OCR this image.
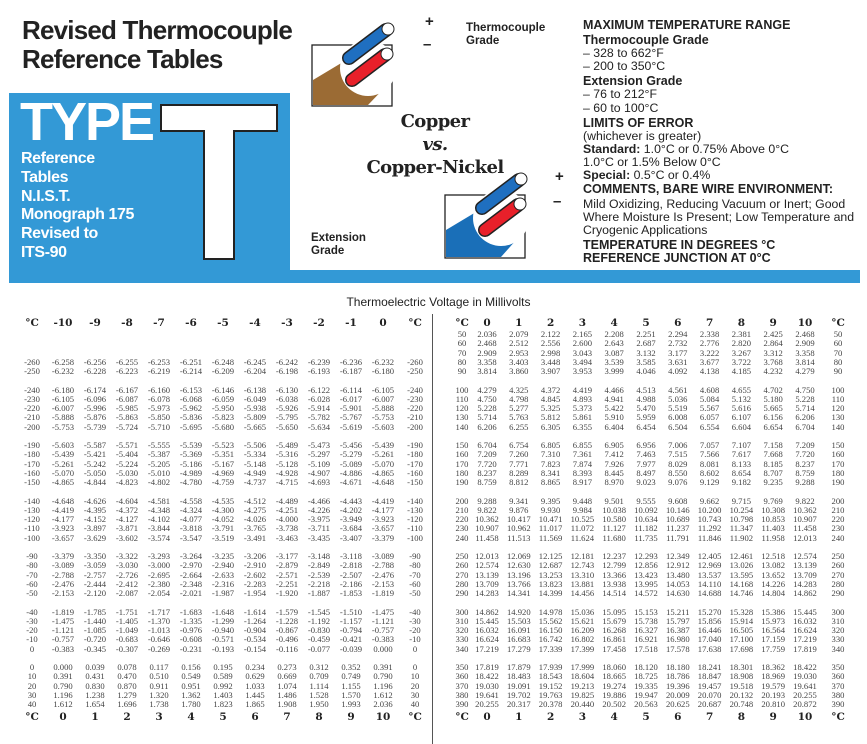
Revised Thermocouple
Reference Tables
TYPE
Reference
Tables
N.I.S.T.
Monograph 175
Revised to
ITS-90
+
–
Thermocouple
Grade
Copper
vs.
Copper-Nickel	+
–
Extension
Grade
MAXIMUM TEMPERATURE RANGE
Thermocouple Grade
– 328 to 662°F
– 200 to 350°C
Extension Grade
– 76 to 212°F
– 60 to 100°C
LIMITS OF ERROR
(whichever is greater)
Standard: 1.0°C or 0.75% Above 0°C
1.0°C or 1.5% Below 0°C
Special: 0.5°C or 0.4%
COMMENTS, BARE WIRE ENVIRONMENT:
Mild Oxidizing, Reducing Vacuum or Inert; Good Where Moisture Is Present; Low Temperature and Cryogenic Applications
TEMPERATURE IN DEGREES °C
REFERENCE JUNCTION AT 0°C
Thermoelectric Voltage in Millivolts
°C -10 -9 -8 -7 -6 -5 -4 -3 -2 -1 0 °C	°C 0 1 2 3 4 5 6 7 8 9 10 °C
°C 0 1 2 3 4 5 6 7 8 9 10 °C	°C 0 1 2 3 4 5 6 7 8 9 10 °C
-260 -6.258 -6.256 -6.255 -6.253 -6.251 -6.248 -6.245 -6.242 -6.239 -6.236 -6.232 -260
-250 -6.232 -6.228 -6.223 -6.219 -6.214 -6.209 -6.204 -6.198 -6.193 -6.187 -6.180 -250
-240 -6.180 -6.174 -6.167 -6.160 -6.153 -6.146 -6.138 -6.130 -6.122 -6.114 -6.105 -240
-230 -6.105 -6.096 -6.087 -6.078 -6.068 -6.059 -6.049 -6.038 -6.028 -6.017 -6.007 -230
-220 -6.007 -5.996 -5.985 -5.973 -5.962 -5.950 -5.938 -5.926 -5.914 -5.901 -5.888 -220
-210 -5.888 -5.876 -5.863 -5.850 -5.836 -5.823 -5.809 -5.795 -5.782 -5.767 -5.753 -210
-200 -5.753 -5.739 -5.724 -5.710 -5.695 -5.680 -5.665 -5.650 -5.634 -5.619 -5.603 -200
-190 -5.603 -5.587 -5.571 -5.555 -5.539 -5.523 -5.506 -5.489 -5.473 -5.456 -5.439 -190
-180 -5.439 -5.421 -5.404 -5.387 -5.369 -5.351 -5.334 -5.316 -5.297 -5.279 -5.261 -180
-170 -5.261 -5.242 -5.224 -5.205 -5.186 -5.167 -5.148 -5.128 -5.109 -5.089 -5.070 -170
-160 -5.070 -5.050 -5.030 -5.010 -4.989 -4.969 -4.949 -4.928 -4.907 -4.886 -4.865 -160
-150 -4.865 -4.844 -4.823 -4.802 -4.780 -4.759 -4.737 -4.715 -4.693 -4.671 -4.648 -150
-140 -4.648 -4.626 -4.604 -4.581 -4.558 -4.535 -4.512 -4.489 -4.466 -4.443 -4.419 -140
-130 -4.419 -4.395 -4.372 -4.348 -4.324 -4.300 -4.275 -4.251 -4.226 -4.202 -4.177 -130
-120 -4.177 -4.152 -4.127 -4.102 -4.077 -4.052 -4.026 -4.000 -3.975 -3.949 -3.923 -120
-110 -3.923 -3.897 -3.871 -3.844 -3.818 -3.791 -3.765 -3.738 -3.711 -3.684 -3.657 -110
-100 -3.657 -3.629 -3.602 -3.574 -3.547 -3.519 -3.491 -3.463 -3.435 -3.407 -3.379 -100
-90 -3.379 -3.350 -3.322 -3.293 -3.264 -3.235 -3.206 -3.177 -3.148 -3.118 -3.089 -90
-80 -3.089 -3.059 -3.030 -3.000 -2.970 -2.940 -2.910 -2.879 -2.849 -2.818 -2.788 -80
-70 -2.788 -2.757 -2.726 -2.695 -2.664 -2.633 -2.602 -2.571 -2.539 -2.507 -2.476 -70
-60 -2.476 -2.444 -2.412 -2.380 -2.348 -2.316 -2.283 -2.251 -2.218 -2.186 -2.153 -60
-50 -2.153 -2.120 -2.087 -2.054 -2.021 -1.987 -1.954 -1.920 -1.887 -1.853 -1.819 -50
-40 -1.819 -1.785 -1.751 -1.717 -1.683 -1.648 -1.614 -1.579 -1.545 -1.510 -1.475 -40
-30 -1.475 -1.440 -1.405 -1.370 -1.335 -1.299 -1.264 -1.228 -1.192 -1.157 -1.121 -30
-20 -1.121 -1.085 -1.049 -1.013 -0.976 -0.940 -0.904 -0.867 -0.830 -0.794 -0.757 -20
-10 -0.757 -0.720 -0.683 -0.646 -0.608 -0.571 -0.534 -0.496 -0.459 -0.421 -0.383 -10
0 -0.383 -0.345 -0.307 -0.269 -0.231 -0.193 -0.154 -0.116 -0.077 -0.039 0.000 0
0 0.000 0.039 0.078 0.117 0.156 0.195 0.234 0.273 0.312 0.352 0.391 0
10 0.391 0.431 0.470 0.510 0.549 0.589 0.629 0.669 0.709 0.749 0.790 10
20 0.790 0.830 0.870 0.911 0.951 0.992 1.033 1.074 1.114 1.155 1.196 20
30 1.196 1.238 1.279 1.320 1.362 1.403 1.445 1.486 1.528 1.570 1.612 30
40 1.612 1.654 1.696 1.738 1.780 1.823 1.865 1.908 1.950 1.993 2.036 40
50 2.036 2.079 2.122 2.165 2.208 2.251 2.294 2.338 2.381 2.425 2.468 50
60 2.468 2.512 2.556 2.600 2.643 2.687 2.732 2.776 2.820 2.864 2.909 60
70 2.909 2.953 2.998 3.043 3.087 3.132 3.177 3.222 3.267 3.312 3.358 70
80 3.358 3.403 3.448 3.494 3.539 3.585 3.631 3.677 3.722 3.768 3.814 80
90 3.814 3.860 3.907 3.953 3.999 4.046 4.092 4.138 4.185 4.232 4.279 90
100 4.279 4.325 4.372 4.419 4.466 4.513 4.561 4.608 4.655 4.702 4.750 100
110 4.750 4.798 4.845 4.893 4.941 4.988 5.036 5.084 5.132 5.180 5.228 110
120 5.228 5.277 5.325 5.373 5.422 5.470 5.519 5.567 5.616 5.665 5.714 120
130 5.714 5.763 5.812 5.861 5.910 5.959 6.008 6.057 6.107 6.156 6.206 130
140 6.206 6.255 6.305 6.355 6.404 6.454 6.504 6.554 6.604 6.654 6.704 140
150 6.704 6.754 6.805 6.855 6.905 6.956 7.006 7.057 7.107 7.158 7.209 150
160 7.209 7.260 7.310 7.361 7.412 7.463 7.515 7.566 7.617 7.668 7.720 160
170 7.720 7.771 7.823 7.874 7.926 7.977 8.029 8.081 8.133 8.185 8.237 170
180 8.237 8.289 8.341 8.393 8.445 8.497 8.550 8.602 8.654 8.707 8.759 180
190 8.759 8.812 8.865 8.917 8.970 9.023 9.076 9.129 9.182 9.235 9.288 190
200 9.288 9.341 9.395 9.448 9.501 9.555 9.608 9.662 9.715 9.769 9.822 200
210 9.822 9.876 9.930 9.984 10.038 10.092 10.146 10.200 10.254 10.308 10.362 210
220 10.362 10.417 10.471 10.525 10.580 10.634 10.689 10.743 10.798 10.853 10.907 220
230 10.907 10.962 11.017 11.072 11.127 11.182 11.237 11.292 11.347 11.403 11.458 230
240 11.458 11.513 11.569 11.624 11.680 11.735 11.791 11.846 11.902 11.958 12.013 240
250 12.013 12.069 12.125 12.181 12.237 12.293 12.349 12.405 12.461 12.518 12.574 250
260 12.574 12.630 12.687 12.743 12.799 12.856 12.912 12.969 13.026 13.082 13.139 260
270 13.139 13.196 13.253 13.310 13.366 13.423 13.480 13.537 13.595 13.652 13.709 270
280 13.709 13.766 13.823 13.881 13.938 13.995 14.053 14.110 14.168 14.226 14.283 280
290 14.283 14.341 14.399 14.456 14.514 14.572 14.630 14.688 14.746 14.804 14.862 290
300 14.862 14.920 14.978 15.036 15.095 15.153 15.211 15.270 15.328 15.386 15.445 300
310 15.445 15.503 15.562 15.621 15.679 15.738 15.797 15.856 15.914 15.973 16.032 310
320 16.032 16.091 16.150 16.209 16.268 16.327 16.387 16.446 16.505 16.564 16.624 320
330 16.624 16.683 16.742 16.802 16.861 16.921 16.980 17.040 17.100 17.159 17.219 330
340 17.219 17.279 17.339 17.399 17.458 17.518 17.578 17.638 17.698 17.759 17.819 340
350 17.819 17.879 17.939 17.999 18.060 18.120 18.180 18.241 18.301 18.362 18.422 350
360 18.422 18.483 18.543 18.604 18.665 18.725 18.786 18.847 18.908 18.969 19.030 360
370 19.030 19.091 19.152 19.213 19.274 19.335 19.396 19.457 19.518 19.579 19.641 370
380 19.641 19.702 19.763 19.825 19.886 19.947 20.009 20.070 20.132 20.193 20.255 380
390 20.255 20.317 20.378 20.440 20.502 20.563 20.625 20.687 20.748 20.810 20.872 390
